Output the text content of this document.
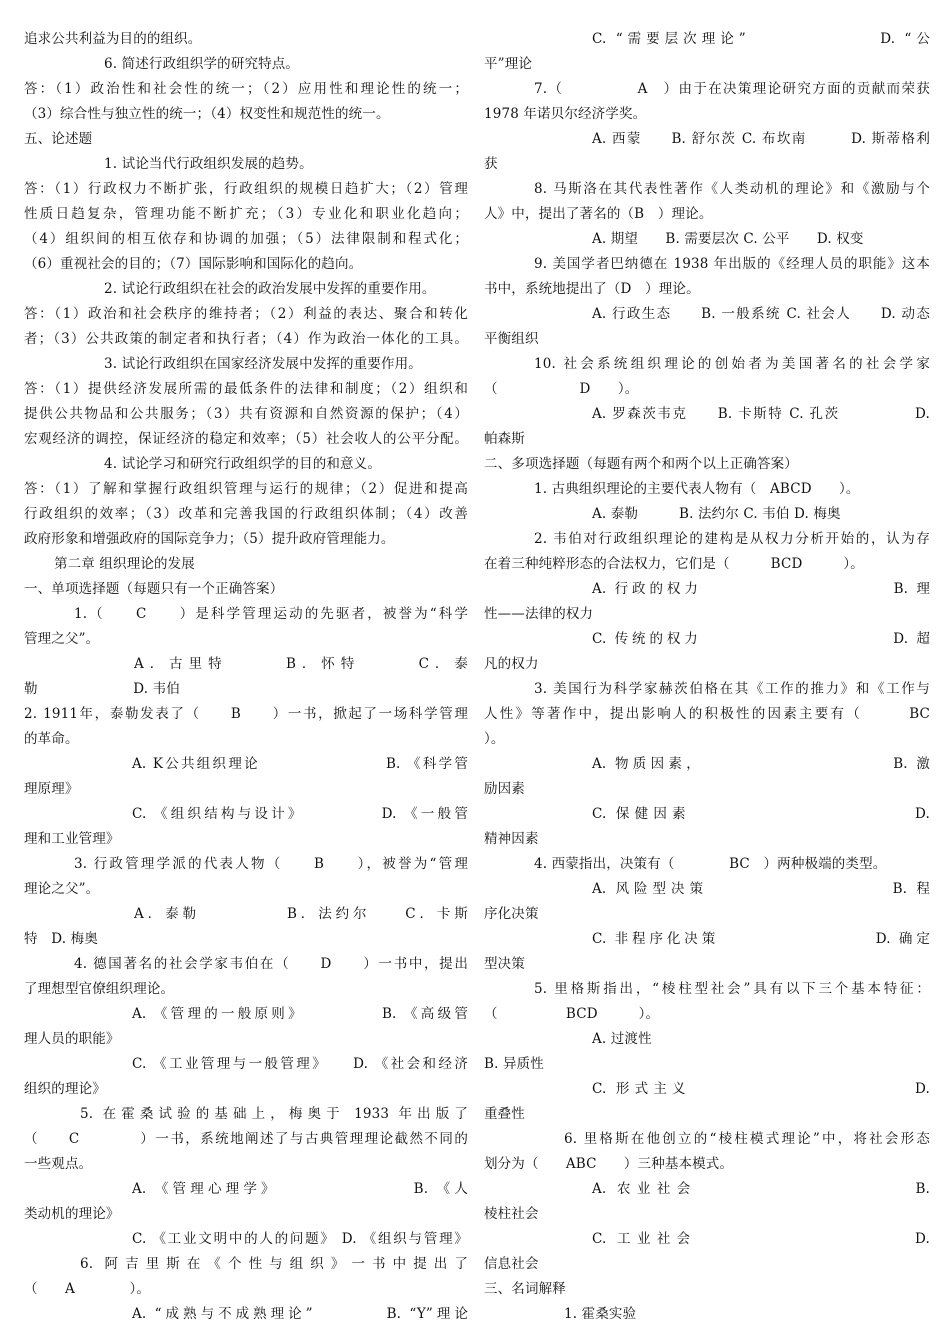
追求公共利益为目的的组织。
6. 简述行政组织学的研究特点。
答：（1）政治性和社会性的统一；（2）应用性和理论性的统一；
（3）综合性与独立性的统一；（4）权变性和规范性的统一。
五、论述题
1. 试论当代行政组织发展的趋势。
答：（1）行政权力不断扩张，行政组织的规模日趋扩大；（2）管理
性质日趋复杂，管理功能不断扩充；（3）专业化和职业化趋向；
（4）组织间的相互依存和协调的加强；（5）法律限制和程式化；
（6）重视社会的目的；（7）国际影响和国际化的趋向。
2. 试论行政组织在社会的政治发展中发挥的重要作用。
答：（1）政治和社会秩序的维持者；（2）利益的表达、聚合和转化
者；（3）公共政策的制定者和执行者；（4）作为政治一体化的工具。
3. 试论行政组织在国家经济发展中发挥的重要作用。
答：（1）提供经济发展所需的最低条件的法律和制度；（2）组织和
提供公共物品和公共服务；（3）共有资源和自然资源的保护；（4）
宏观经济的调控，保证经济的稳定和效率；（5）社会收人的公平分配。
4. 试论学习和研究行政组织学的目的和意义。
答：（1）了解和掌握行政组织管理与运行的规律；（2）促进和提高
行政组织的效率；（3）改革和完善我国的行政组织体制；（4）改善
政府形象和增强政府的国际竞争力；（5）提升政府管理能力。
第二章 组织理论的发展
一、单项选择题（每题只有一个正确答案）
1.（　　C　　）是科学管理运动的先驱者，被誉为“科学
管理之父”。
A．古里特　　　B．怀特　　　C．泰
勒　　　　　　　D. 韦伯
2. 1911年，泰勒发表了（　　B　　）一书，掀起了一场科学管理
的革命。
A. K公共组织理论　　　　　　　　B. 《科学管
理原理》
C. 《组织结构与设计》　　　　　D. 《一般管
理和工业管理》
3. 行政管理学派的代表人物（　　B　　），被誉为“管理
理论之父”。
A．泰勒　　　　　B．法约尔　　C．卡斯
特　D. 梅奥
4. 德国著名的社会学家韦伯在（　　D　　）一书中，提出
了理想型官僚组织理论。
A. 《管理的一般原则》　　　　　B. 《高级管
理人员的职能》
C. 《工业管理与一般管理》　　D. 《社会和经济
组织的理论》
5. 在霍桑试验的基础上，梅奥于 1933 年出版了
（　　C　　　　）一书，系统地阐述了与古典管理理论截然不同的
一些观点。
A. 《管理心理学》　　　　　　　　B. 《人
类动机的理论》
C. 《工业文明中的人的问题》 D. 《组织与管理》
6. 阿吉里斯在《个性与组织》一书中提出了
（　　A　　　　）。
A. “成熟与不成熟理论”　　　　B. “Y”理论
C. “需要层次理论”　　　　　　　D. “公
平”理论
7.（　　　　　A　）由于在决策理论研究方面的贡献而荣获
1978 年诺贝尔经济学奖。
A. 西蒙　　B. 舒尔茨 C. 布坎南　　　D. 斯蒂格利
获
8. 马斯洛在其代表性著作《人类动机的理论》和《激励与个
人》中，提出了著名的（B　）理论。
A. 期望　　B. 需要层次 C. 公平　　D. 权变
9. 美国学者巴纳德在 1938 年出版的《经理人员的职能》这本
书中，系统地提出了（D　）理论。
A. 行政生态　　B. 一般系统 C. 社会人　　D. 动态
平衡组织
10. 社会系统组织理论的创始者为美国著名的社会学家
（　　　　　　D　　）。
A. 罗森茨韦克　　B. 卡斯特 C. 孔茨　　　　　D.
帕森斯
二、多项选择题（每题有两个和两个以上正确答案）
1. 古典组织理论的主要代表人物有（　ABCD　　）。
A. 泰勒　　　B. 法约尔 C. 韦伯 D. 梅奥
2. 韦伯对行政组织理论的建构是从权力分析开始的，认为存
在着三种纯粹形态的合法权力，它们是（　　　BCD　　　）。
A. 行政的权力　　　　　　　　　　　B. 理
性——法律的权力
C. 传统的权力　　　　　　　　　　　D. 超
凡的权力
3. 美国行为科学家赫茨伯格在其《工作的推力》和《工作与
人性》等著作中，提出影响人的积极性的因素主要有（　　　BC
）。
A. 物质因素，　　　　　　　　　　　B. 激
励因素
C. 保健因素　　　　　　　　　　　　D.
精神因素
4. 西蒙指出，决策有（　　　　BC　）两种极端的类型。
A. 风险型决策　　　　　　　　　　B. 程
序化决策
C. 非程序化决策　　　　　　　　　D. 确定
型决策
5. 里格斯指出，“棱柱型社会”具有以下三个基本特征：
（　　　　　BCD　　　）。
A. 过渡性
B. 异质性
C. 形式主义　　　　　　　　　　　　D.
重叠性
6. 里格斯在他创立的“棱柱模式理论”中，将社会形态
划分为（　　ABC　　）三种基本模式。
A. 农业社会　　　　　　　　　　　B.
棱柱社会
C. 工业社会　　　　　　　　　　　D.
信息社会
三、名词解释
1. 霍桑实验
